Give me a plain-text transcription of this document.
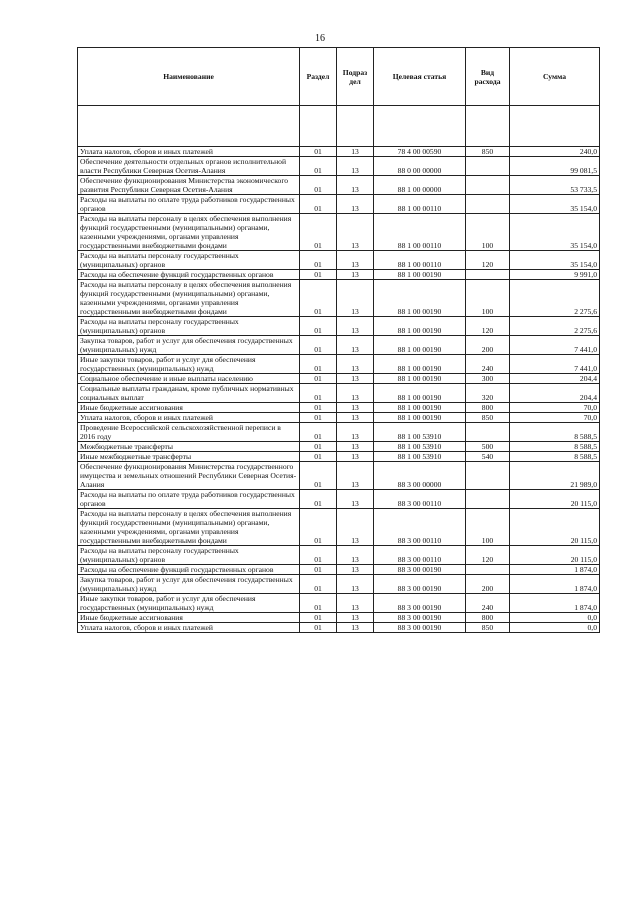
16
Наименование	Раздел	Подраз дел	Целевая статья	Вид расхода	Сумма

Уплата налогов, сборов и иных платежей	01	13	78 4 00 00590	850	240,0
Обеспечение деятельности отдельных органов исполнительной власти Республики Северная Осетия-Алания	01	13	88 0 00 00000		99 081,5
Обеспечение функционирования Министерства экономического развития Республики Северная Осетия-Алания	01	13	88 1 00 00000		53 733,5
Расходы на выплаты по оплате труда работников государственных органов	01	13	88 1 00 00110		35 154,0
Расходы на выплаты персоналу в целях обеспечения выполнения функций государственными (муниципальными) органами, казенными учреждениями, органами управления государственными внебюджетными фондами	01	13	88 1 00 00110	100	35 154,0
Расходы на выплаты персоналу государственных (муниципальных) органов	01	13	88 1 00 00110	120	35 154,0
Расходы на обеспечение функций государственных органов	01	13	88 1 00 00190		9 991,0
Расходы на выплаты персоналу в целях обеспечения выполнения функций государственными (муниципальными) органами, казенными учреждениями, органами управления государственными внебюджетными фондами	01	13	88 1 00 00190	100	2 275,6
Расходы на выплаты персоналу государственных (муниципальных) органов	01	13	88 1 00 00190	120	2 275,6
Закупка товаров, работ и услуг для обеспечения государственных (муниципальных) нужд	01	13	88 1 00 00190	200	7 441,0
Иные закупки товаров, работ и услуг для обеспечения государственных (муниципальных) нужд	01	13	88 1 00 00190	240	7 441,0
Социальное обеспечение и иные выплаты населению	01	13	88 1 00 00190	300	204,4
Социальные выплаты гражданам, кроме публичных нормативных социальных выплат	01	13	88 1 00 00190	320	204,4
Иные бюджетные ассигнования	01	13	88 1 00 00190	800	70,0
Уплата налогов, сборов и иных платежей	01	13	88 1 00 00190	850	70,0
Проведение Всероссийской сельскохозяйственной переписи в 2016 году	01	13	88 1 00 53910		8 588,5
Межбюджетные трансферты	01	13	88 1 00 53910	500	8 588,5
Иные межбюджетные трансферты	01	13	88 1 00 53910	540	8 588,5
Обеспечение функционирования Министерства государственного имущества и земельных отношений Республики Северная Осетия-Алания	01	13	88 3 00 00000		21 989,0
Расходы на выплаты по оплате труда работников государственных органов	01	13	88 3 00 00110		20 115,0
Расходы на выплаты персоналу в целях обеспечения выполнения функций государственными (муниципальными) органами, казенными учреждениями, органами управления государственными внебюджетными фондами	01	13	88 3 00 00110	100	20 115,0
Расходы на выплаты персоналу государственных (муниципальных) органов	01	13	88 3 00 00110	120	20 115,0
Расходы на обеспечение функций государственных органов	01	13	88 3 00 00190		1 874,0
Закупка товаров, работ и услуг для обеспечения государственных (муниципальных) нужд	01	13	88 3 00 00190	200	1 874,0
Иные закупки товаров, работ и услуг для обеспечения государственных (муниципальных) нужд	01	13	88 3 00 00190	240	1 874,0
Иные бюджетные ассигнования	01	13	88 3 00 00190	800	0,0
Уплата налогов, сборов и иных платежей	01	13	88 3 00 00190	850	0,0
